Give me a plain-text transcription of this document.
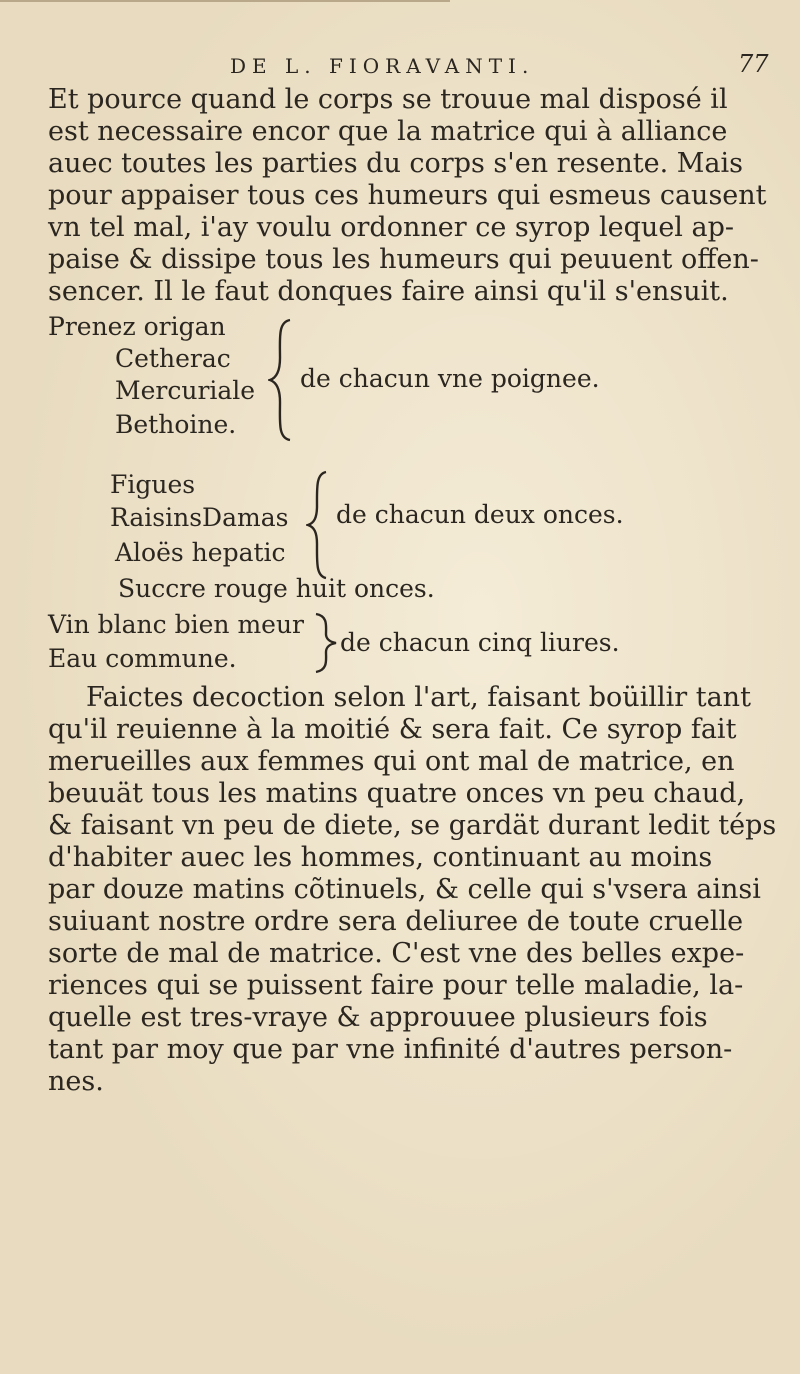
DE L. FIORAVANTI.	77
Et pource quand le corps se trouue mal disposé il
est necessaire encor que la matrice qui à alliance
auec toutes les parties du corps s'en resente. Mais
pour appaiser tous ces humeurs qui esmeus causent
vn tel mal, i'ay voulu ordonner ce syrop lequel ap-
paise & dissipe tous les humeurs qui peuuent offen-
sencer. Il le faut donques faire ainsi qu'il s'ensuit.
Prenez origan
Cetherac
Mercuriale
Bethoine.
de chacun vne poignee.
Figues
RaisinsDamas
Aloës hepatic
de chacun deux onces.
Succre rouge huit onces.
Vin blanc bien meur
Eau commune.
de chacun cinq liures.
Faictes decoction selon l'art, faisant boüillir tant
qu'il reuienne à la moitié & sera fait. Ce syrop fait
merueilles aux femmes qui ont mal de matrice, en
beuuät tous les matins quatre onces vn peu chaud,
& faisant vn peu de diete, se gardät durant ledit téps
d'habiter auec les hommes, continuant au moins
par douze matins cõtinuels, & celle qui s'vsera ainsi
suiuant nostre ordre sera deliuree de toute cruelle
sorte de mal de matrice. C'est vne des belles expe-
riences qui se puissent faire pour telle maladie, la-
quelle est tres-vraye & approuuee plusieurs fois
tant par moy que par vne infinité d'autres person-
nes.
